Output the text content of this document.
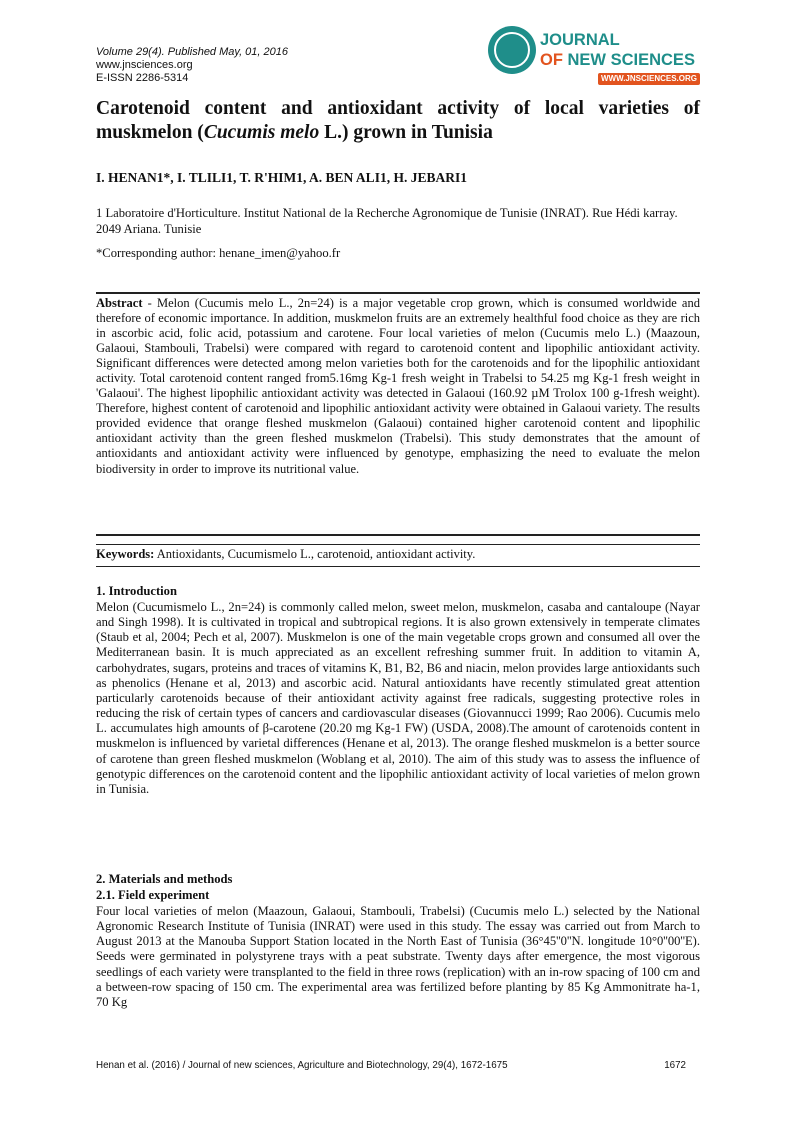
Volume 29(4). Published May, 01, 2016
www.jnsciences.org
E-ISSN 2286-5314
JOURNAL
OF NEW SCIENCES
WWW.JNSCIENCES.ORG
Carotenoid content and antioxidant activity of local varieties of muskmelon (Cucumis melo L.) grown in Tunisia
I. HENAN1*, I. TLILI1, T. R'HIM1, A. BEN ALI1, H. JEBARI1
1 Laboratoire d'Horticulture. Institut National de la Recherche Agronomique de Tunisie (INRAT). Rue Hédi karray. 2049 Ariana. Tunisie
*Corresponding author: henane_imen@yahoo.fr
Abstract - Melon (Cucumis melo L., 2n=24) is a major vegetable crop grown, which is consumed worldwide and therefore of economic importance. In addition, muskmelon fruits are an extremely healthful food choice as they are rich in ascorbic acid, folic acid, potassium and carotene. Four local varieties of melon (Cucumis melo L.) (Maazoun, Galaoui, Stambouli, Trabelsi) were compared with regard to carotenoid content and lipophilic antioxidant activity. Significant differences were detected among melon varieties both for the carotenoids and for the lipophilic antioxidant activity. Total carotenoid content ranged from5.16mg Kg-1 fresh weight in Trabelsi to 54.25 mg Kg-1 fresh weight in 'Galaoui'. The highest lipophilic antioxidant activity was detected in Galaoui (160.92 µM Trolox 100 g-1fresh weight). Therefore, highest content of carotenoid and lipophilic antioxidant activity were obtained in Galaoui variety. The results provided evidence that orange fleshed muskmelon (Galaoui) contained higher carotenoid content and lipophilic antioxidant activity than the green fleshed muskmelon (Trabelsi). This study demonstrates that the amount of antioxidants and antioxidant activity were influenced by genotype, emphasizing the need to evaluate the melon biodiversity in order to improve its nutritional value.
Keywords: Antioxidants, Cucumismelo L., carotenoid, antioxidant activity.
1. Introduction
Melon (Cucumismelo L., 2n=24) is commonly called melon, sweet melon, muskmelon, casaba and cantaloupe (Nayar and Singh 1998). It is cultivated in tropical and subtropical regions. It is also grown extensively in temperate climates (Staub et al, 2004; Pech et al, 2007). Muskmelon is one of the main vegetable crops grown and consumed all over the Mediterranean basin. It is much appreciated as an excellent refreshing summer fruit. In addition to vitamin A, carbohydrates, sugars, proteins and traces of vitamins K, B1, B2, B6 and niacin, melon provides large antioxidants such as phenolics (Henane et al, 2013) and ascorbic acid. Natural antioxidants have recently stimulated great attention particularly carotenoids because of their antioxidant activity against free radicals, suggesting protective roles in reducing the risk of certain types of cancers and cardiovascular diseases (Giovannucci 1999; Rao 2006). Cucumis melo L. accumulates high amounts of β-carotene (20.20 mg Kg-1 FW) (USDA, 2008).The amount of carotenoids content in muskmelon is influenced by varietal differences (Henane et al, 2013). The orange fleshed muskmelon is a better source of carotene than green fleshed muskmelon (Woblang et al, 2010). The aim of this study was to assess the influence of genotypic differences on the carotenoid content and the lipophilic antioxidant activity of local varieties of melon grown in Tunisia.
2. Materials and methods
2.1. Field experiment
Four local varieties of melon (Maazoun, Galaoui, Stambouli, Trabelsi) (Cucumis melo L.) selected by the National Agronomic Research Institute of Tunisia (INRAT) were used in this study. The essay was carried out from March to August 2013 at the Manouba Support Station located in the North East of Tunisia (36°45''0''N. longitude 10°0''00''E). Seeds were germinated in polystyrene trays with a peat substrate. Twenty days after emergence, the most vigorous seedlings of each variety were transplanted to the field in three rows (replication) with an in-row spacing of 100 cm and a between-row spacing of 150 cm. The experimental area was fertilized before planting by 85 Kg Ammonitrate ha-1, 70 Kg
Henan et al. (2016) / Journal of new sciences, Agriculture and Biotechnology, 29(4), 1672-1675	1672
